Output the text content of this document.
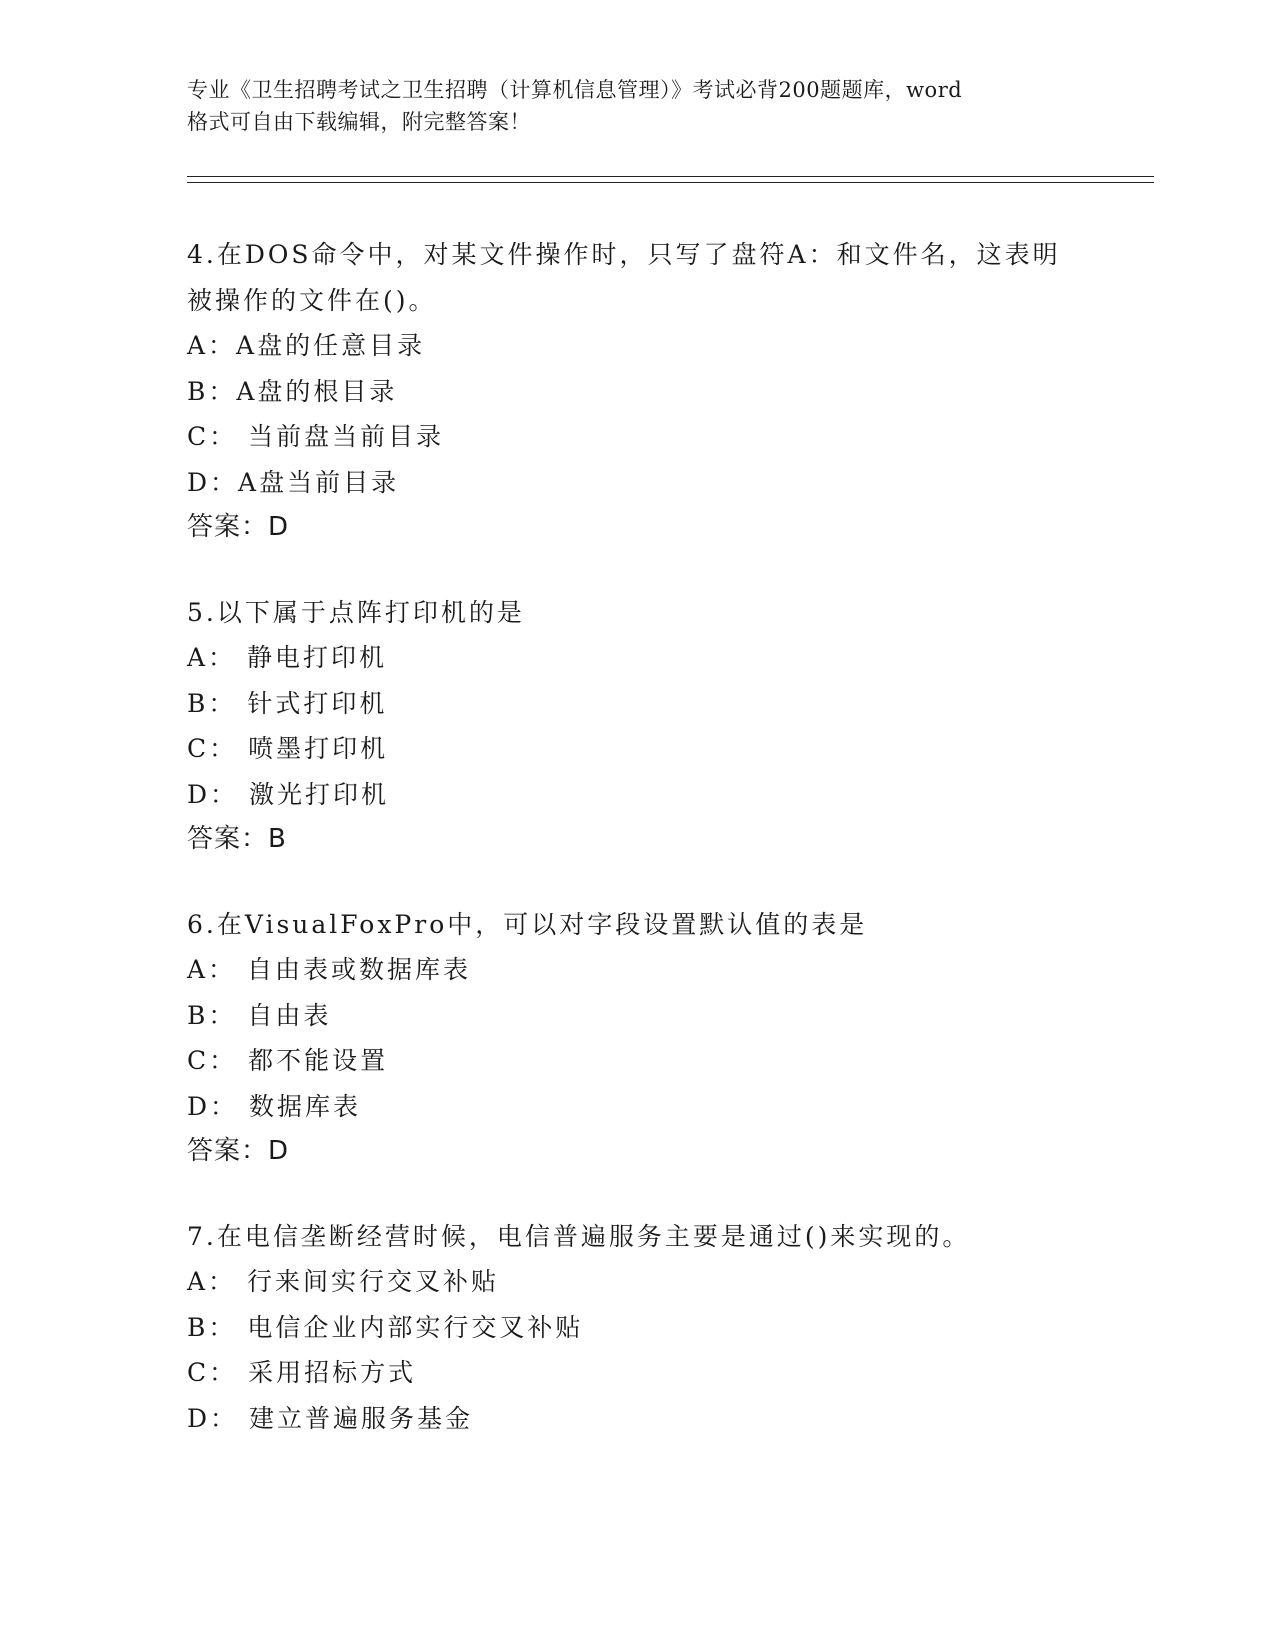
专业《卫生招聘考试之卫生招聘（计算机信息管理）》考试必背200题题库，word
格式可自由下载编辑，附完整答案！
4.在DOS命令中，对某文件操作时，只写了盘符A：和文件名，这表明
被操作的文件在()。
A：A盘的任意目录
B：A盘的根目录
C： 当前盘当前目录
D：A盘当前目录
答案：D
5.以下属于点阵打印机的是
A： 静电打印机
B： 针式打印机
C： 喷墨打印机
D： 激光打印机
答案：B
6.在VisualFoxPro中，可以对字段设置默认值的表是
A： 自由表或数据库表
B： 自由表
C： 都不能设置
D： 数据库表
答案：D
7.在电信垄断经营时候，电信普遍服务主要是通过()来实现的。
A： 行来间实行交叉补贴
B： 电信企业内部实行交叉补贴
C： 采用招标方式
D： 建立普遍服务基金
